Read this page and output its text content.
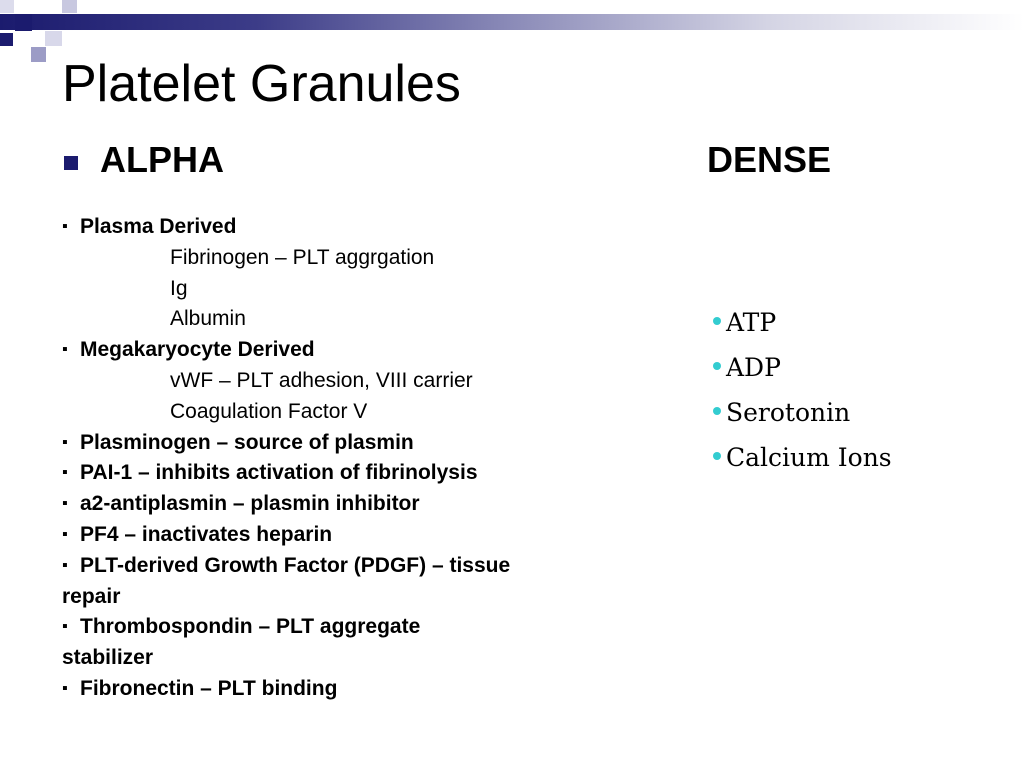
Platelet Granules
ALPHA	DENSE
▪ Plasma Derived
Fibrinogen – PLT aggrgation
Ig
Albumin
▪ Megakaryocyte Derived
vWF – PLT adhesion, VIII carrier
Coagulation Factor V
▪ Plasminogen – source of plasmin
▪ PAI-1 – inhibits activation of fibrinolysis
▪ a2-antiplasmin – plasmin inhibitor
▪ PF4 – inactivates heparin
▪ PLT-derived Growth Factor (PDGF) – tissue repair
▪ Thrombospondin – PLT aggregate stabilizer
▪ Fibronectin – PLT binding
ATP
ADP
Serotonin
Calcium Ions
